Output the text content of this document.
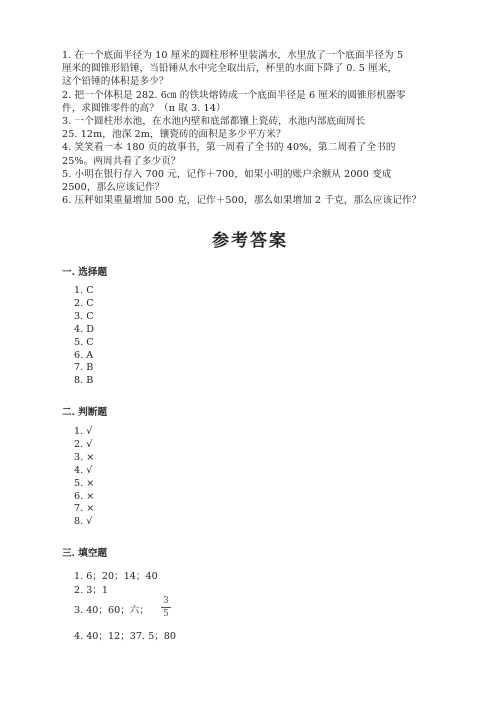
1. 在一个底面半径为 10 厘米的圆柱形杯里装满水，水里放了一个底面半径为 5
厘米的圆锥形铅锤，当铅锤从水中完全取出后，杯里的水面下降了 0. 5 厘米，
这个铅锤的体积是多少？
2. 把一个体积是 282. 6㎝ 的铁块熔铸成一个底面半径是 6 厘米的圆锥形机器零
件，求圆锥零件的高？（π 取 3. 14）
3. 一个圆柱形水池，在水池内壁和底部都镶上瓷砖，水池内部底面周长
25. 12m，池深 2m，镶瓷砖的面积是多少平方米？
4. 笑笑看一本 180 页的故事书，第一周看了全书的 40%，第二周看了全书的
25%。两周共看了多少页？
5. 小明在银行存入 700 元，记作＋700，如果小明的账户余额从 2000 变成
2500，那么应该记作？
6. 压秤如果重量增加 500 克，记作＋500，那么如果增加 2 千克，那么应该记作？
参考答案
一. 选择题
1. C
2. C
3. C
4. D
5. C
6. A
7. B
8. B
二. 判断题
1. √
2. √
3. ×
4. √
5. ×
6. ×
7. ×
8. √
三. 填空题
1. 6；20；14；40
2. 3；1
3. 40；60；六；
3
5
4. 40；12；37. 5；80
